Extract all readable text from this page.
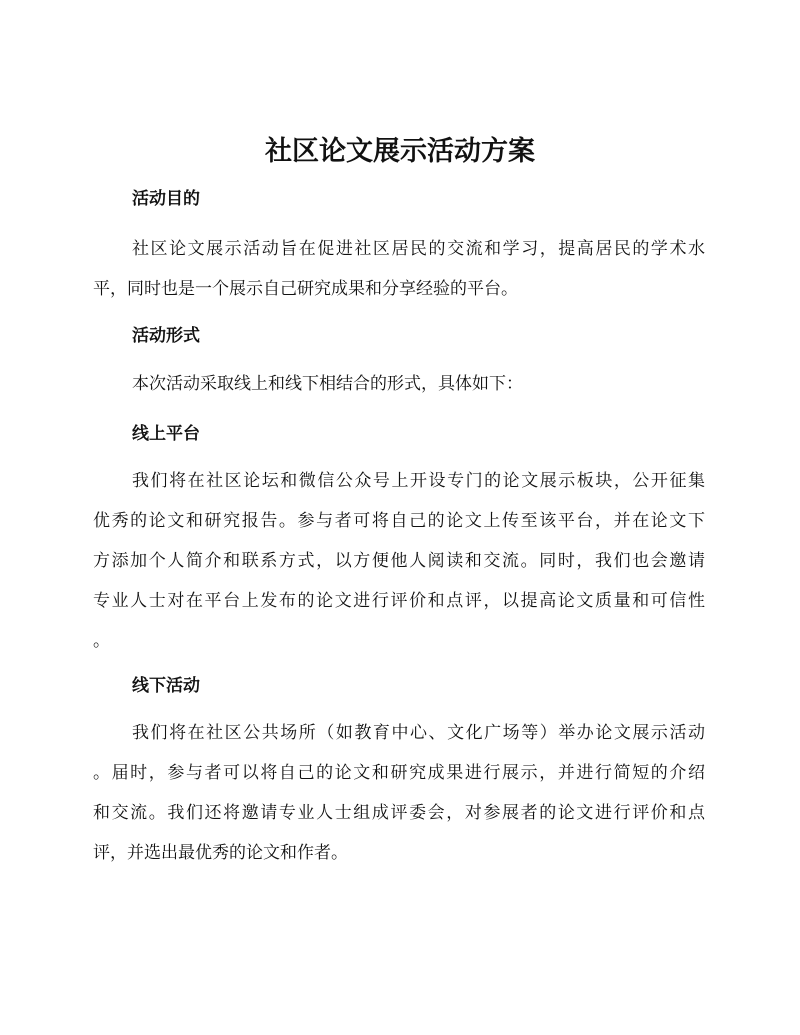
社区论文展示活动方案
活动目的
社区论文展示活动旨在促进社区居民的交流和学习，提高居民的学术水
平，同时也是一个展示自己研究成果和分享经验的平台。
活动形式
本次活动采取线上和线下相结合的形式，具体如下：
线上平台
我们将在社区论坛和微信公众号上开设专门的论文展示板块，公开征集
优秀的论文和研究报告。参与者可将自己的论文上传至该平台，并在论文下
方添加个人简介和联系方式，以方便他人阅读和交流。同时，我们也会邀请
专业人士对在平台上发布的论文进行评价和点评，以提高论文质量和可信性
。
线下活动
我们将在社区公共场所（如教育中心、文化广场等）举办论文展示活动
。届时，参与者可以将自己的论文和研究成果进行展示，并进行简短的介绍
和交流。我们还将邀请专业人士组成评委会，对参展者的论文进行评价和点
评，并选出最优秀的论文和作者。
